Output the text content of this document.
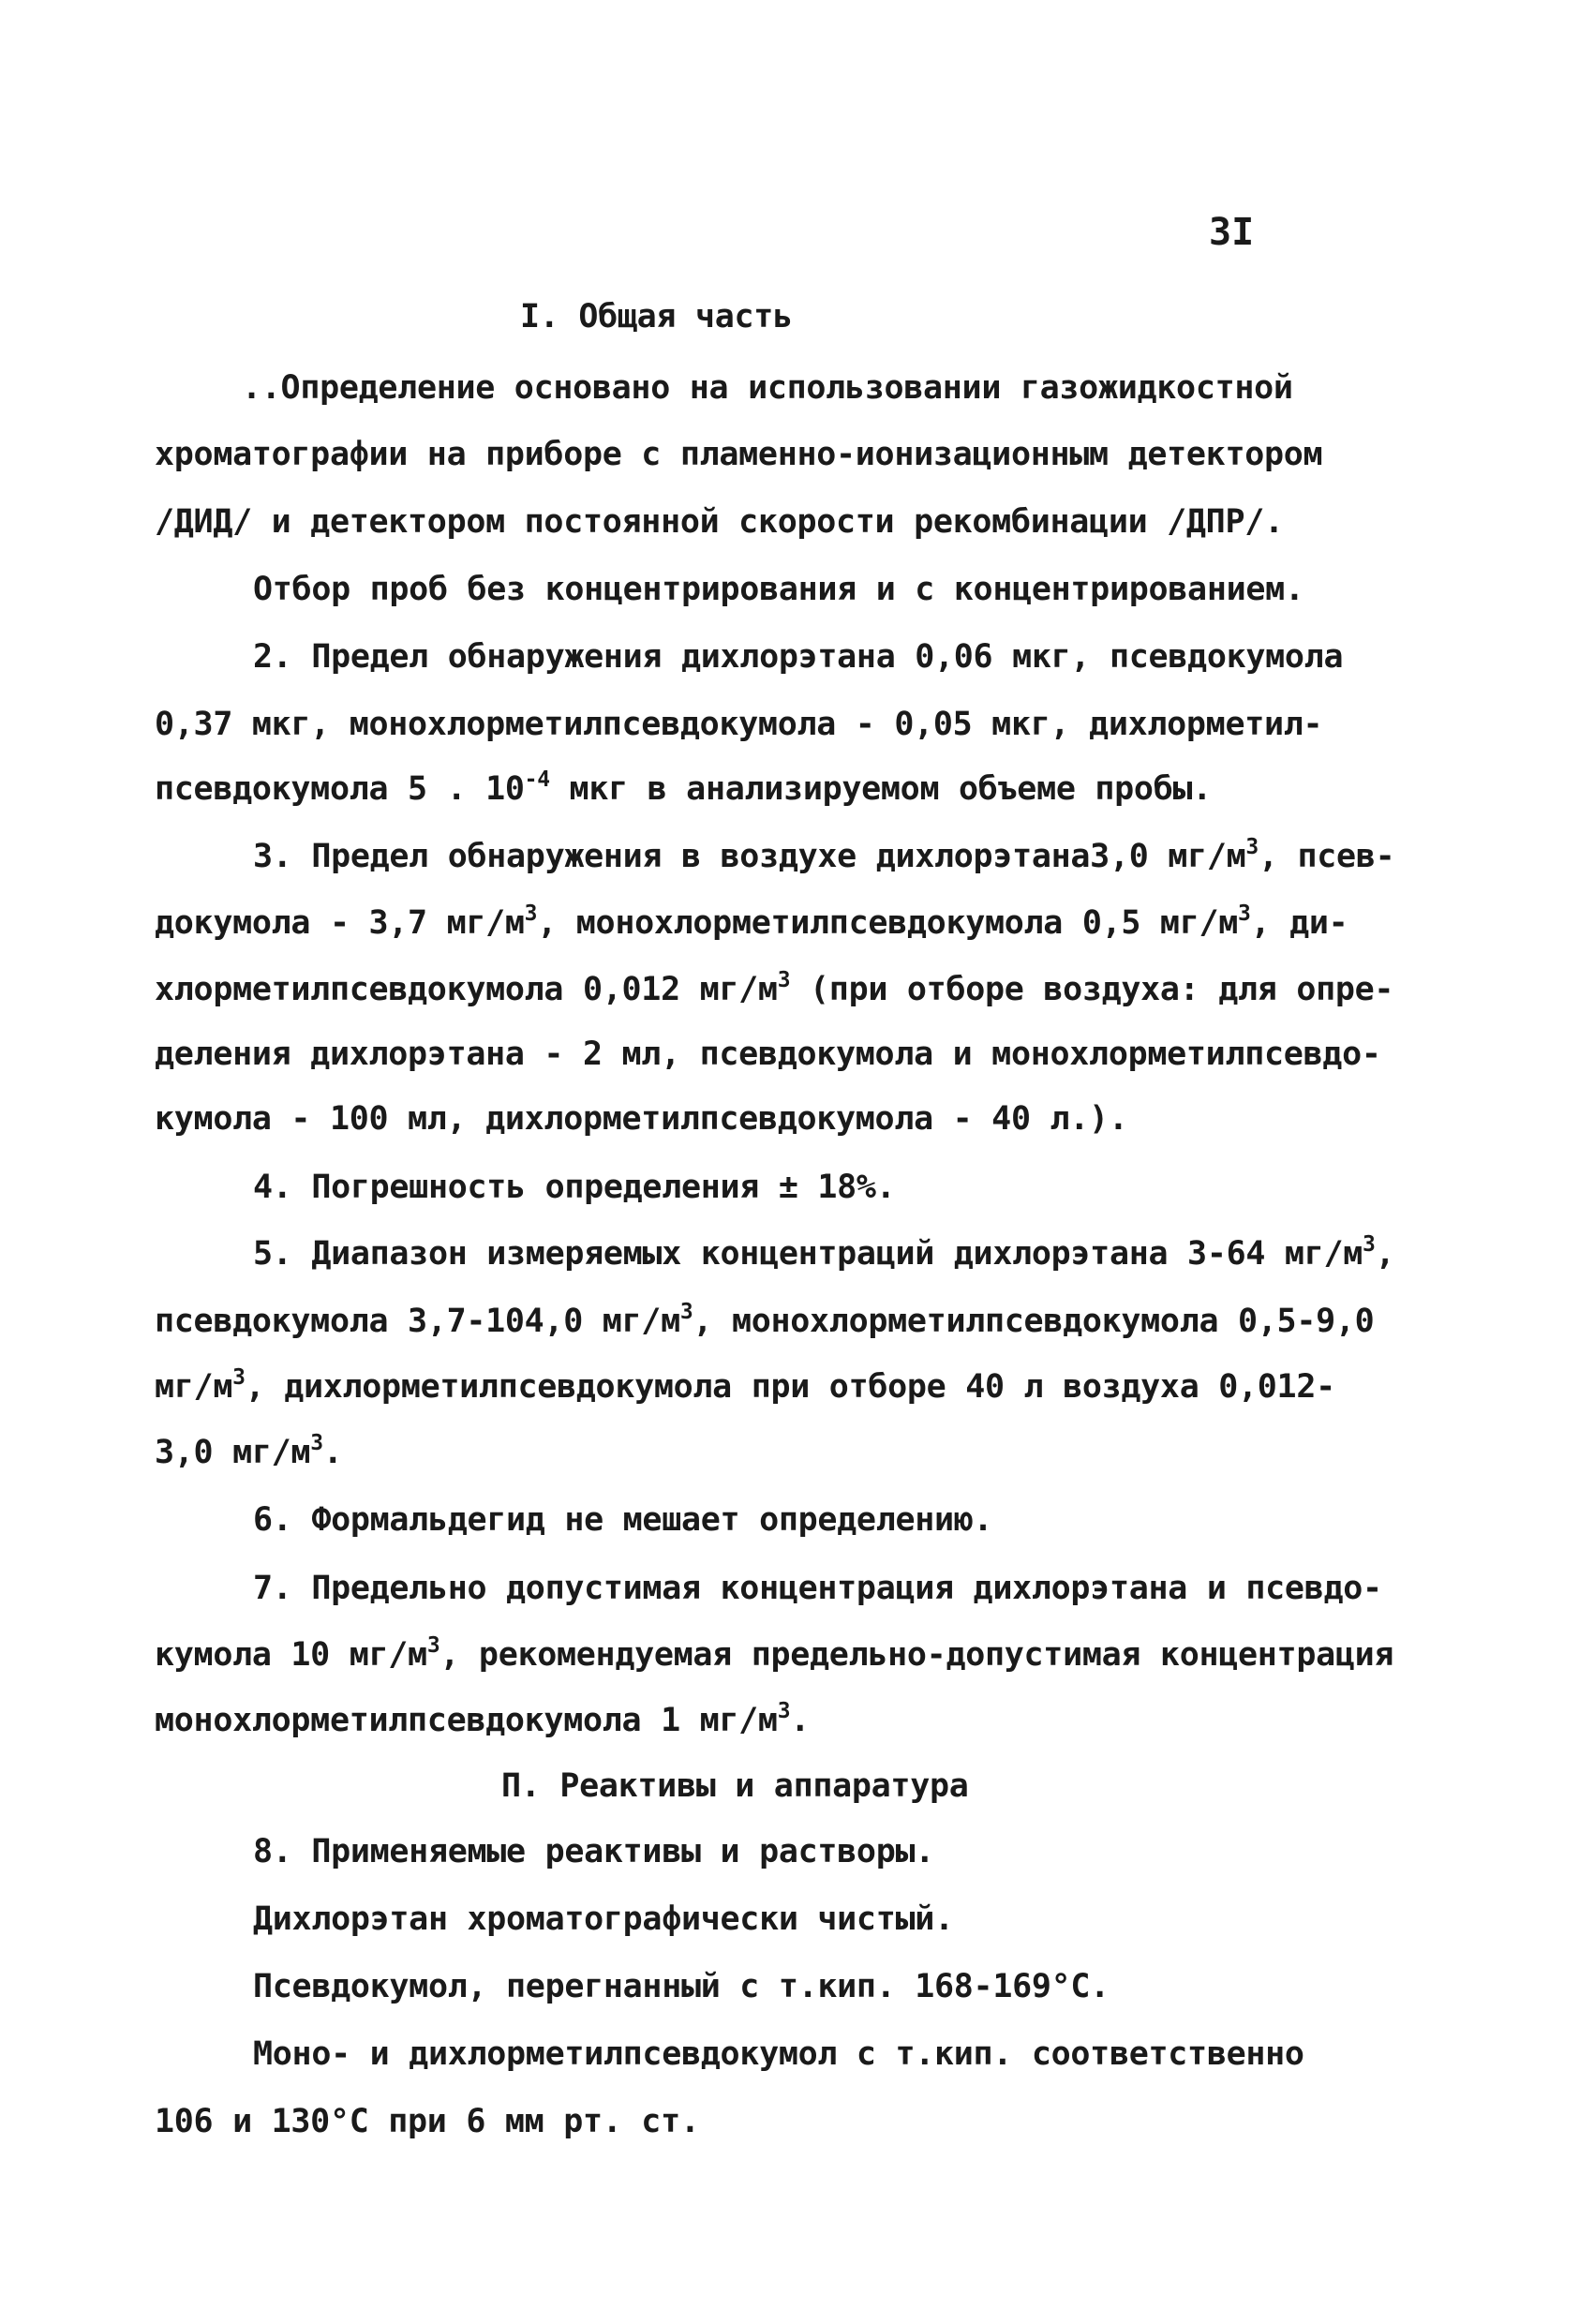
3I
I. Общая часть
..Определение основано на использовании газожидкостной
хроматографии на приборе с пламенно-ионизационным детектором
/ДИД/ и детектором постоянной скорости рекомбинации /ДПР/.
Отбор проб без концентрирования и с концентрированием.
2. Предел обнаружения дихлорэтана 0,06 мкг, псевдокумола
0,37 мкг, монохлорметилпсевдокумола - 0,05 мкг, дихлорметил-
псевдокумола 5 . $10^{-4}$ мкг в анализируемом объеме пробы.
3. Предел обнаружения в воздухе дихлорэтана3,0 $мг/м^3$, псев-
докумола - 3,7 $мг/м^3$, монохлорметилпсевдокумола 0,5 $мг/м^3$, ди-
хлорметилпсевдокумола 0,012 $мг/м^3$ (при отборе воздуха: для опре-
деления дихлорэтана - 2 мл, псевдокумола и монохлорметилпсевдо-
кумола - 100 мл, дихлорметилпсевдокумола - 40 л.).
4. Погрешность определения ± 18%.
5. Диапазон измеряемых концентраций дихлорэтана 3-64 $мг/м^3$,
псевдокумола 3,7-104,0 $мг/м^3$, монохлорметилпсевдокумола 0,5-9,0
$мг/м^3$, дихлорметилпсевдокумола при отборе 40 л воздуха 0,012-
3,0 $мг/м^3$.
6. Формальдегид не мешает определению.
7. Предельно допустимая концентрация дихлорэтана и псевдо-
кумола 10 $мг/м^3$, рекомендуемая предельно-допустимая концентрация
монохлорметилпсевдокумола 1 $мг/м^3$.
П. Реактивы и аппаратура
8. Применяемые реактивы и растворы.
Дихлорэтан хроматографически чистый.
Псевдокумол, перегнанный с т.кип. 168-169°С.
Моно- и дихлорметилпсевдокумол с т.кип. соответственно
106 и 130°С при 6 мм рт. ст.
